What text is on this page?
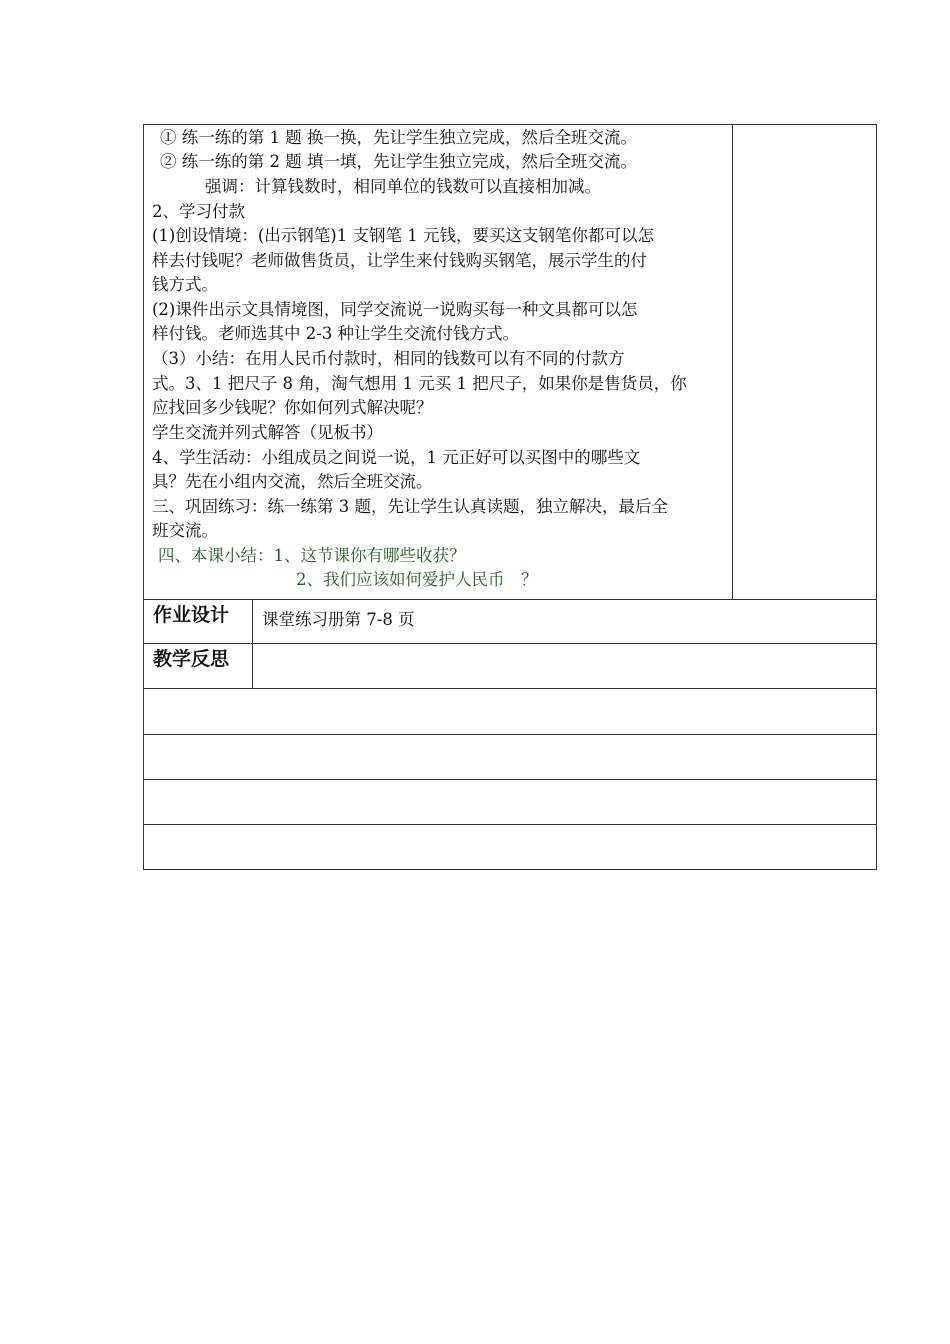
① 练一练的第 1 题 换一换，先让学生独立完成，然后全班交流。
② 练一练的第 2 题 填一填，先让学生独立完成，然后全班交流。
强调：计算钱数时，相同单位的钱数可以直接相加减。
2、学习付款
(1)创设情境：(出示钢笔)1 支钢笔 1 元钱，要买这支钢笔你都可以怎
样去付钱呢？老师做售货员，让学生来付钱购买钢笔，展示学生的付
钱方式。
(2)课件出示文具情境图，同学交流说一说购买每一种文具都可以怎
样付钱。老师选其中 2-3 种让学生交流付钱方式。
（3）小结：在用人民币付款时，相同的钱数可以有不同的付款方
式。3、1 把尺子 8 角，淘气想用 1 元买 1 把尺子，如果你是售货员，你
应找回多少钱呢？你如何列式解决呢？
学生交流并列式解答（见板书）
4、学生活动：小组成员之间说一说，1 元正好可以买图中的哪些文
具？先在小组内交流，然后全班交流。
三、巩固练习：练一练第 3 题，先让学生认真读题，独立解决，最后全
班交流。
四、本课小结：1、这节课你有哪些收获？
2、我们应该如何爱护人民币　？
作业设计 课堂练习册第 7-8 页
教学反思
